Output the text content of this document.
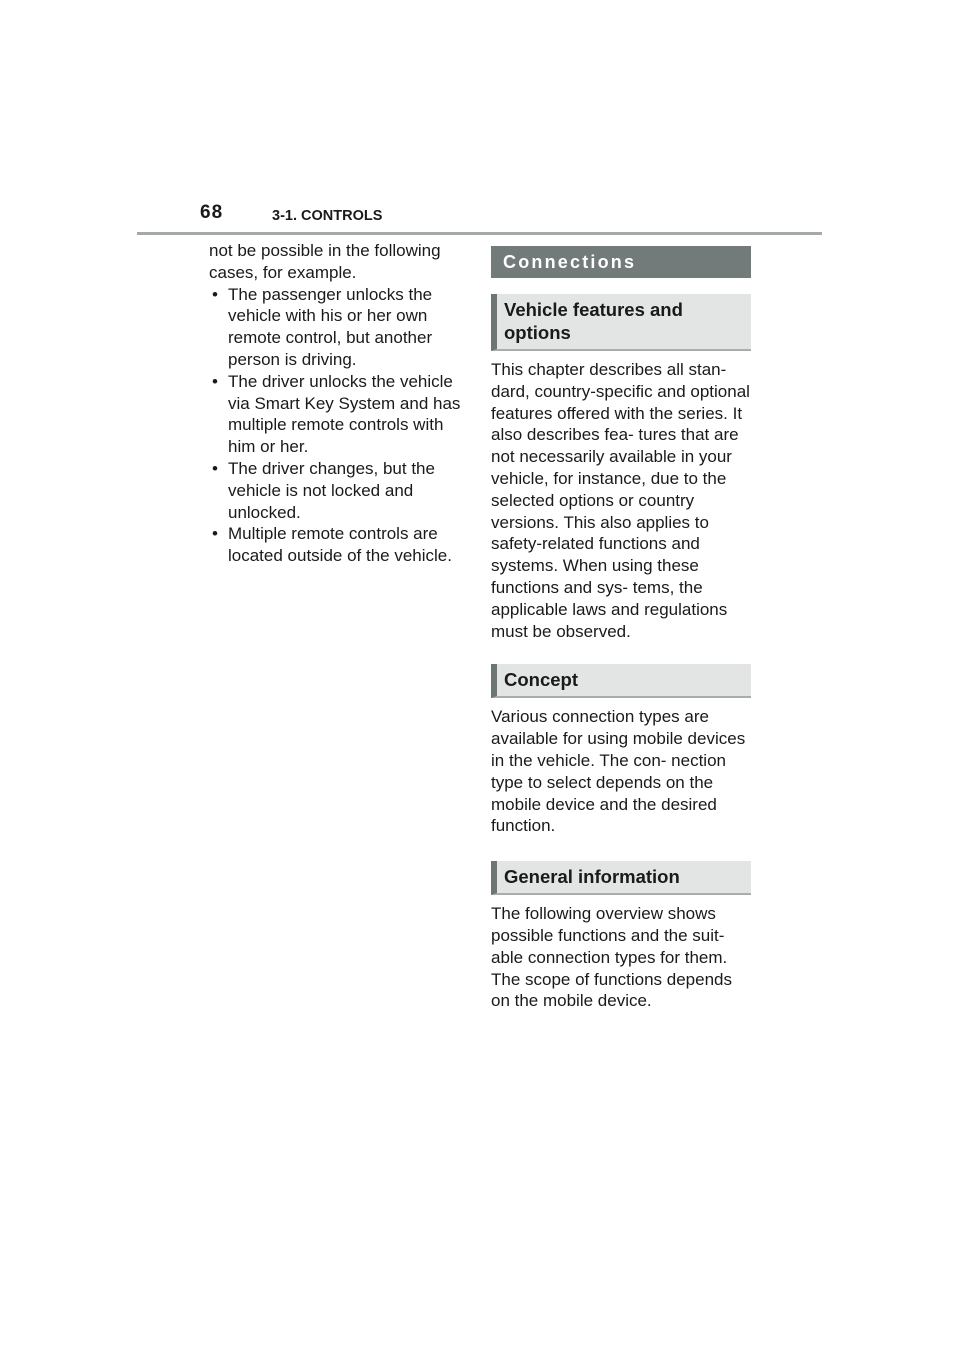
68	3-1. CONTROLS

not be possible in the following cases, for example.

• The passenger unlocks the vehicle with his or her own remote control, but another person is driving.
• The driver unlocks the vehicle via Smart Key System and has multiple remote controls with him or her.
• The driver changes, but the vehicle is not locked and unlocked.
• Multiple remote controls are located outside of the vehicle.
Connections
Vehicle features and options

This chapter describes all stan- dard, country-specific and optional features offered with the series. It also describes fea- tures that are not necessarily available in your vehicle, for instance, due to the selected options or country versions. This also applies to safety-related functions and systems. When using these functions and sys- tems, the applicable laws and regulations must be observed.

Concept

Various connection types are available for using mobile devices in the vehicle. The con- nection type to select depends on the mobile device and the desired function.

General information

The following overview shows possible functions and the suit- able connection types for them. The scope of functions depends on the mobile device.
